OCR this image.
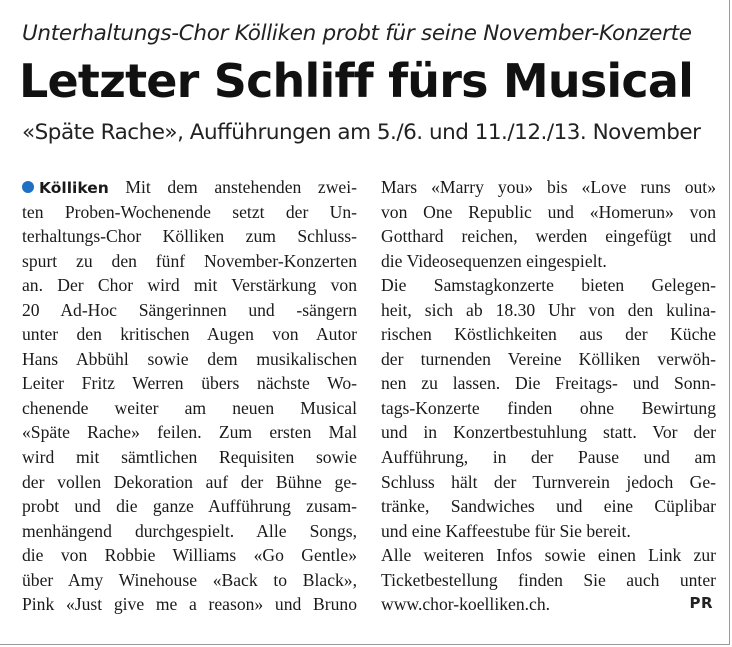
Unterhaltungs-Chor Kölliken probt für seine November-Konzerte
Letzter Schliff fürs Musical
«Späte Rache», Aufführungen am 5./6. und 11./12./13. November
Kölliken Mit dem anstehenden zwei-
ten Proben-Wochenende setzt der Un-
terhaltungs-Chor Kölliken zum Schluss-
spurt zu den fünf November-Konzerten
an. Der Chor wird mit Verstärkung von
20 Ad-Hoc Sängerinnen und -sängern
unter den kritischen Augen von Autor
Hans Abbühl sowie dem musikalischen
Leiter Fritz Werren übers nächste Wo-
chenende weiter am neuen Musical
«Späte Rache» feilen. Zum ersten Mal
wird mit sämtlichen Requisiten sowie
der vollen Dekoration auf der Bühne ge-
probt und die ganze Aufführung zusam-
menhängend durchgespielt. Alle Songs,
die von Robbie Williams «Go Gentle»
über Amy Winehouse «Back to Black»,
Pink «Just give me a reason» und Bruno
Mars «Marry you» bis «Love runs out»
von One Republic und «Homerun» von
Gotthard reichen, werden eingefügt und
die Videosequenzen eingespielt.
Die Samstagkonzerte bieten Gelegen-
heit, sich ab 18.30 Uhr von den kulina-
rischen Köstlichkeiten aus der Küche
der turnenden Vereine Kölliken verwöh-
nen zu lassen. Die Freitags- und Sonn-
tags-Konzerte finden ohne Bewirtung
und in Konzertbestuhlung statt. Vor der
Aufführung, in der Pause und am
Schluss hält der Turnverein jedoch Ge-
tränke, Sandwiches und eine Cüplibar
und eine Kaffeestube für Sie bereit.
Alle weiteren Infos sowie einen Link zur
Ticketbestellung finden Sie auch unter
www.chor-koelliken.ch.	PR
